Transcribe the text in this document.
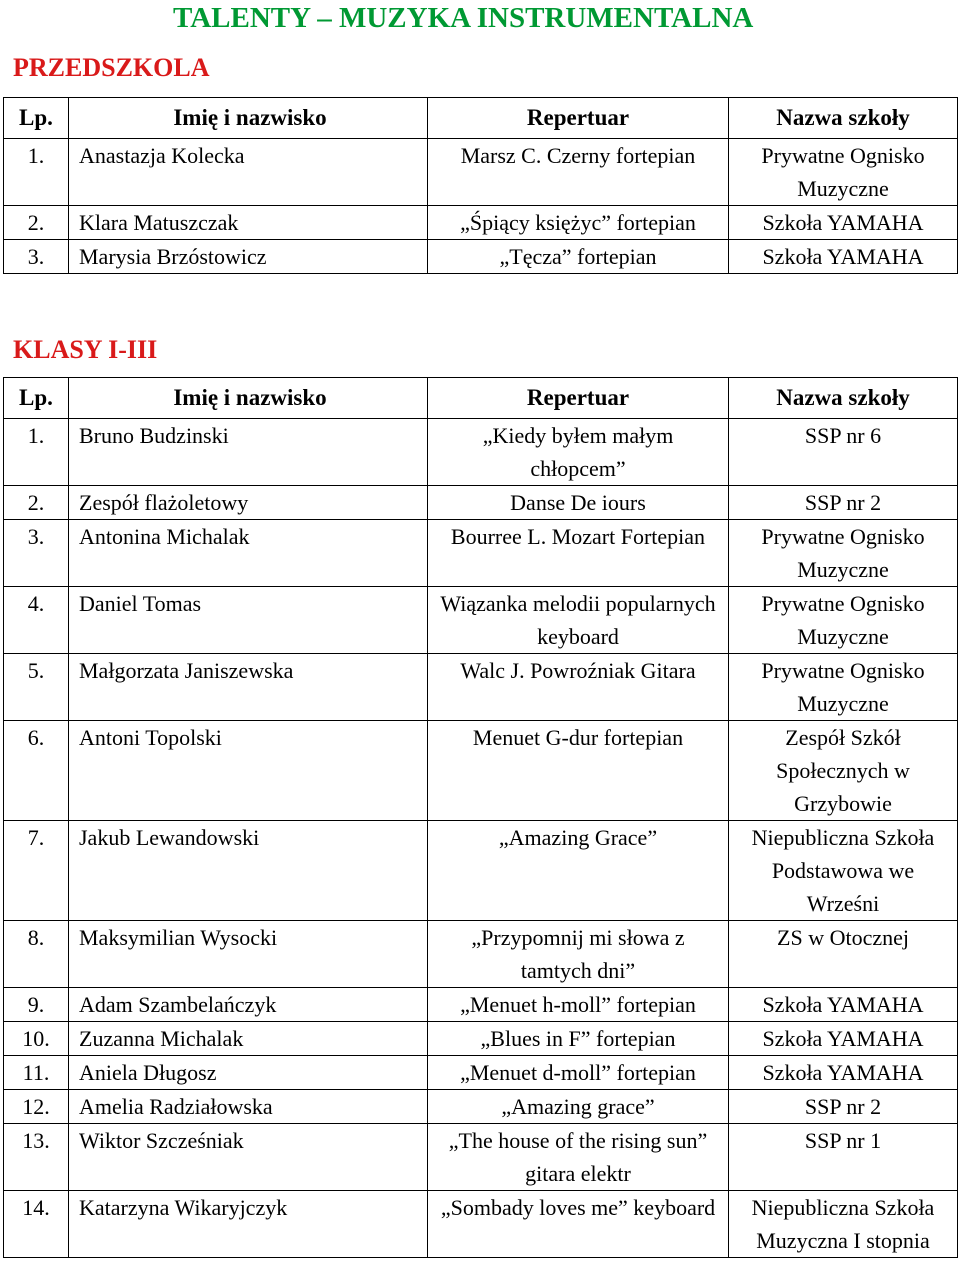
TALENTY – MUZYKA INSTRUMENTALNA
PRZEDSZKOLA
Lp.	Imię i nazwisko	Repertuar	Nazwa szkoły
1.	Anastazja Kolecka	Marsz C. Czerny fortepian	Prywatne Ognisko Muzyczne
2.	Klara Matuszczak	„Śpiący księżyc” fortepian	Szkoła YAMAHA
3.	Marysia Brzóstowicz	„Tęcza” fortepian	Szkoła YAMAHA
KLASY I-III
Lp.	Imię i nazwisko	Repertuar	Nazwa szkoły
1.	Bruno Budzinski	„Kiedy byłem małym chłopcem”	SSP nr 6
2.	Zespół flażoletowy	Danse De iours	SSP nr 2
3.	Antonina Michalak	Bourree L. Mozart Fortepian	Prywatne Ognisko Muzyczne
4.	Daniel Tomas	Wiązanka melodii popularnych keyboard	Prywatne Ognisko Muzyczne
5.	Małgorzata Janiszewska	Walc J. Powroźniak Gitara	Prywatne Ognisko Muzyczne
6.	Antoni Topolski	Menuet G-dur fortepian	Zespół Szkół Społecznych w Grzybowie
7.	Jakub Lewandowski	„Amazing Grace”	Niepubliczna Szkoła Podstawowa we Wrześni
8.	Maksymilian Wysocki	„Przypomnij mi słowa z tamtych dni”	ZS w Otocznej
9.	Adam Szambelańczyk	„Menuet h-moll” fortepian	Szkoła YAMAHA
10.	Zuzanna Michalak	„Blues in F” fortepian	Szkoła YAMAHA
11.	Aniela Długosz	„Menuet d-moll” fortepian	Szkoła YAMAHA
12.	Amelia Radziałowska	„Amazing grace”	SSP nr 2
13.	Wiktor Szcześniak	„The house of the rising sun” gitara elektr	SSP nr 1
14.	Katarzyna Wikaryjczyk	„Sombady loves me” keyboard	Niepubliczna Szkoła Muzyczna I stopnia
